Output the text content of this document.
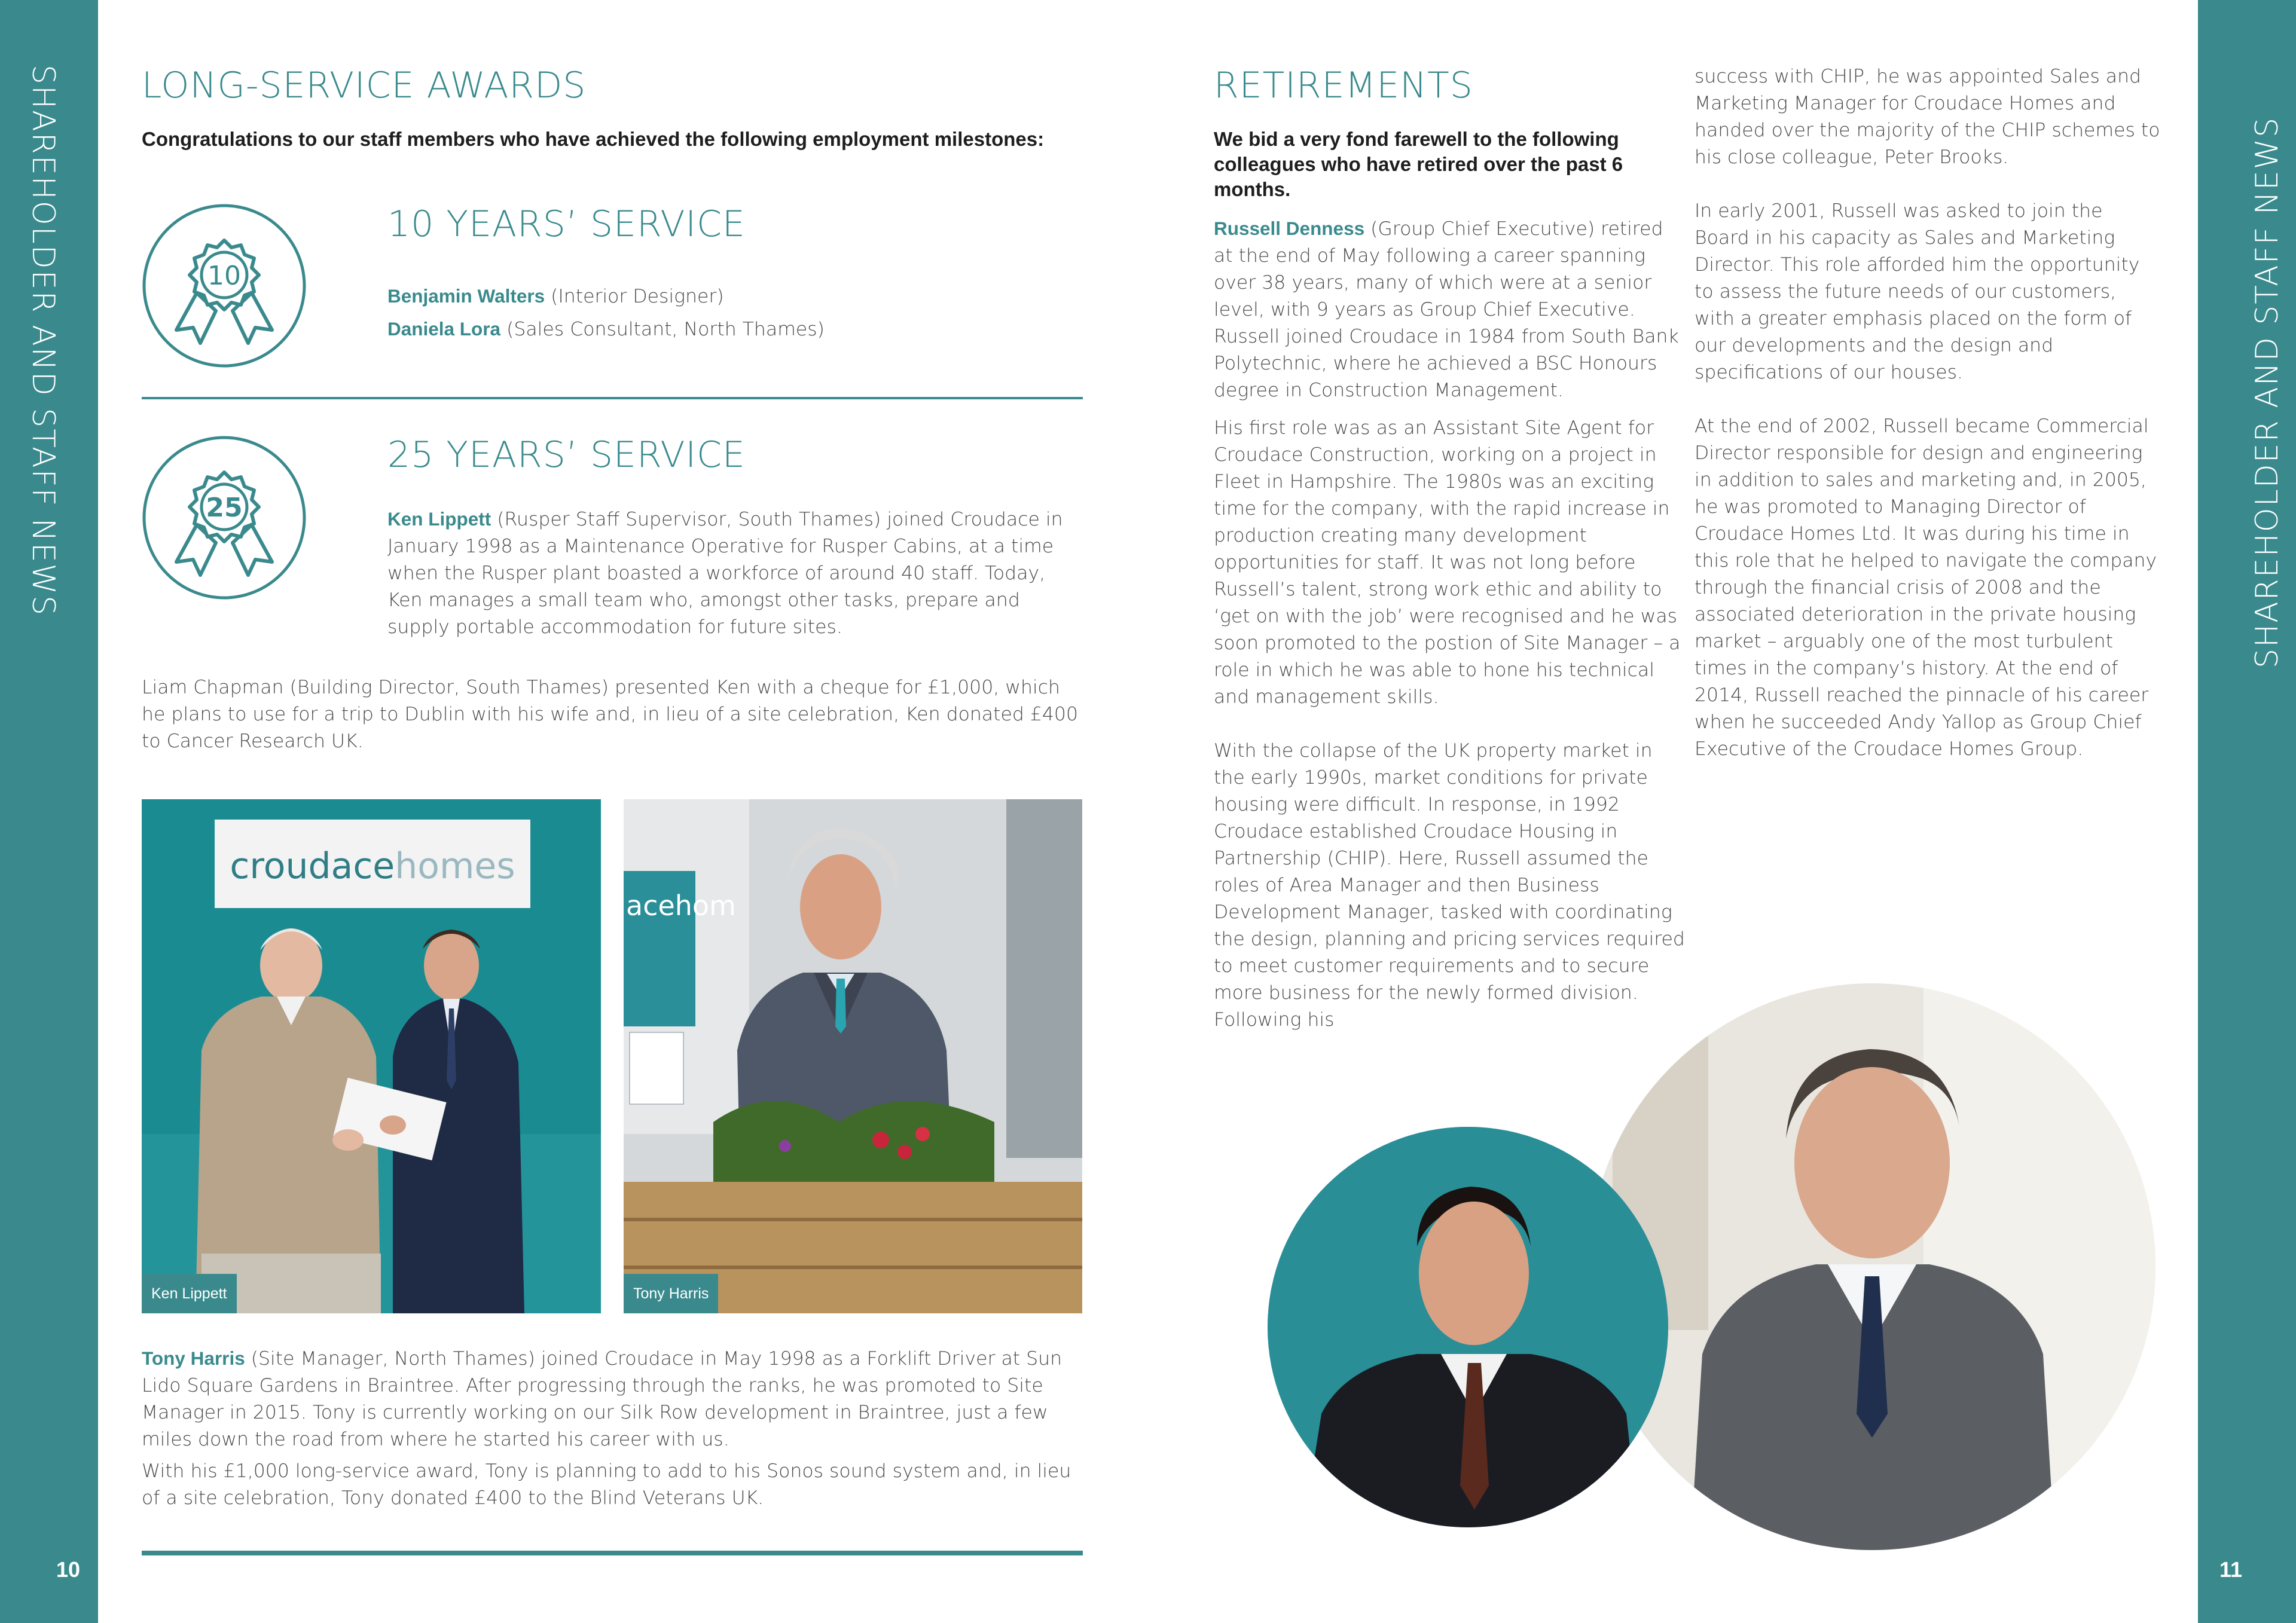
SHAREHOLDER AND STAFF NEWS
10
SHAREHOLDER AND STAFF NEWS
11
LONG-SERVICE AWARDS
Congratulations to our staff members who have achieved the following employment milestones:
10
10 YEARS’ SERVICE
Benjamin Walters (Interior Designer)
Daniela Lora (Sales Consultant, North Thames)
25
25 YEARS’ SERVICE
Ken Lippett (Rusper Staff Supervisor, South Thames) joined Croudace in January 1998 as a Maintenance Operative for Rusper Cabins, at a time when the Rusper plant boasted a workforce of around 40 staff. Today, Ken manages a small team who, amongst other tasks, prepare and supply portable accommodation for future sites.
Liam Chapman (Building Director, South Thames) presented Ken with a cheque for £1,000, which he plans to use for a trip to Dublin with his wife and, in lieu of a site celebration, Ken donated £400 to Cancer Research UK.
croudacehomes
Ken Lippett
acehom
Tony Harris

Tony Harris (Site Manager, North Thames) joined Croudace in May 1998 as a Forklift Driver at Sun Lido Square Gardens in Braintree. After progressing through the ranks, he was promoted to Site Manager in 2015. Tony is currently working on our Silk Row development in Braintree, just a few miles down the road from where he started his career with us.

With his £1,000 long-service award, Tony is planning to add to his Sonos sound system and, in lieu of a site celebration, Tony donated £400 to the Blind Veterans UK.

RETIREMENTS
We bid a very fond farewell to the following colleagues who have retired over the past 6 months.

Russell Denness (Group Chief Executive) retired at the end of May following a career spanning over 38 years, many of which were at a senior level, with 9 years as Group Chief Executive. Russell joined Croudace in 1984 from South Bank Polytechnic, where he achieved a BSC Honours degree in Construction Management.

His first role was as an Assistant Site Agent for Croudace Construction, working on a project in Fleet in Hampshire. The 1980s was an exciting time for the company, with the rapid increase in production creating many development opportunities for staff. It was not long before Russell’s talent, strong work ethic and ability to ‘get on with the job’ were recognised and he was soon promoted to the postion of Site Manager – a role in which he was able to hone his technical and management skills.

With the collapse of the UK property market in the early 1990s, market conditions for private housing were difficult. In response, in 1992 Croudace established Croudace Housing in Partnership (CHIP). Here, Russell assumed the roles of Area Manager and then Business Development Manager, tasked with coordinating the design, planning and pricing services required to meet customer requirements and to secure more business for the newly formed division. Following his

success with CHIP, he was appointed Sales and Marketing Manager for Croudace Homes and handed over the majority of the CHIP schemes to his close colleague, Peter Brooks.

In early 2001, Russell was asked to join the Board in his capacity as Sales and Marketing Director. This role afforded him the opportunity to assess the future needs of our customers, with a greater emphasis placed on the form of our developments and the design and specifications of our houses.

At the end of 2002, Russell became Commercial Director responsible for design and engineering in addition to sales and marketing and, in 2005, he was promoted to Managing Director of Croudace Homes Ltd. It was during his time in this role that he helped to navigate the company through the financial crisis of 2008 and the associated deterioration in the private housing market – arguably one of the most turbulent times in the company’s history. At the end of 2014, Russell reached the pinnacle of his career when he succeeded Andy Yallop as Group Chief Executive of the Croudace Homes Group.
